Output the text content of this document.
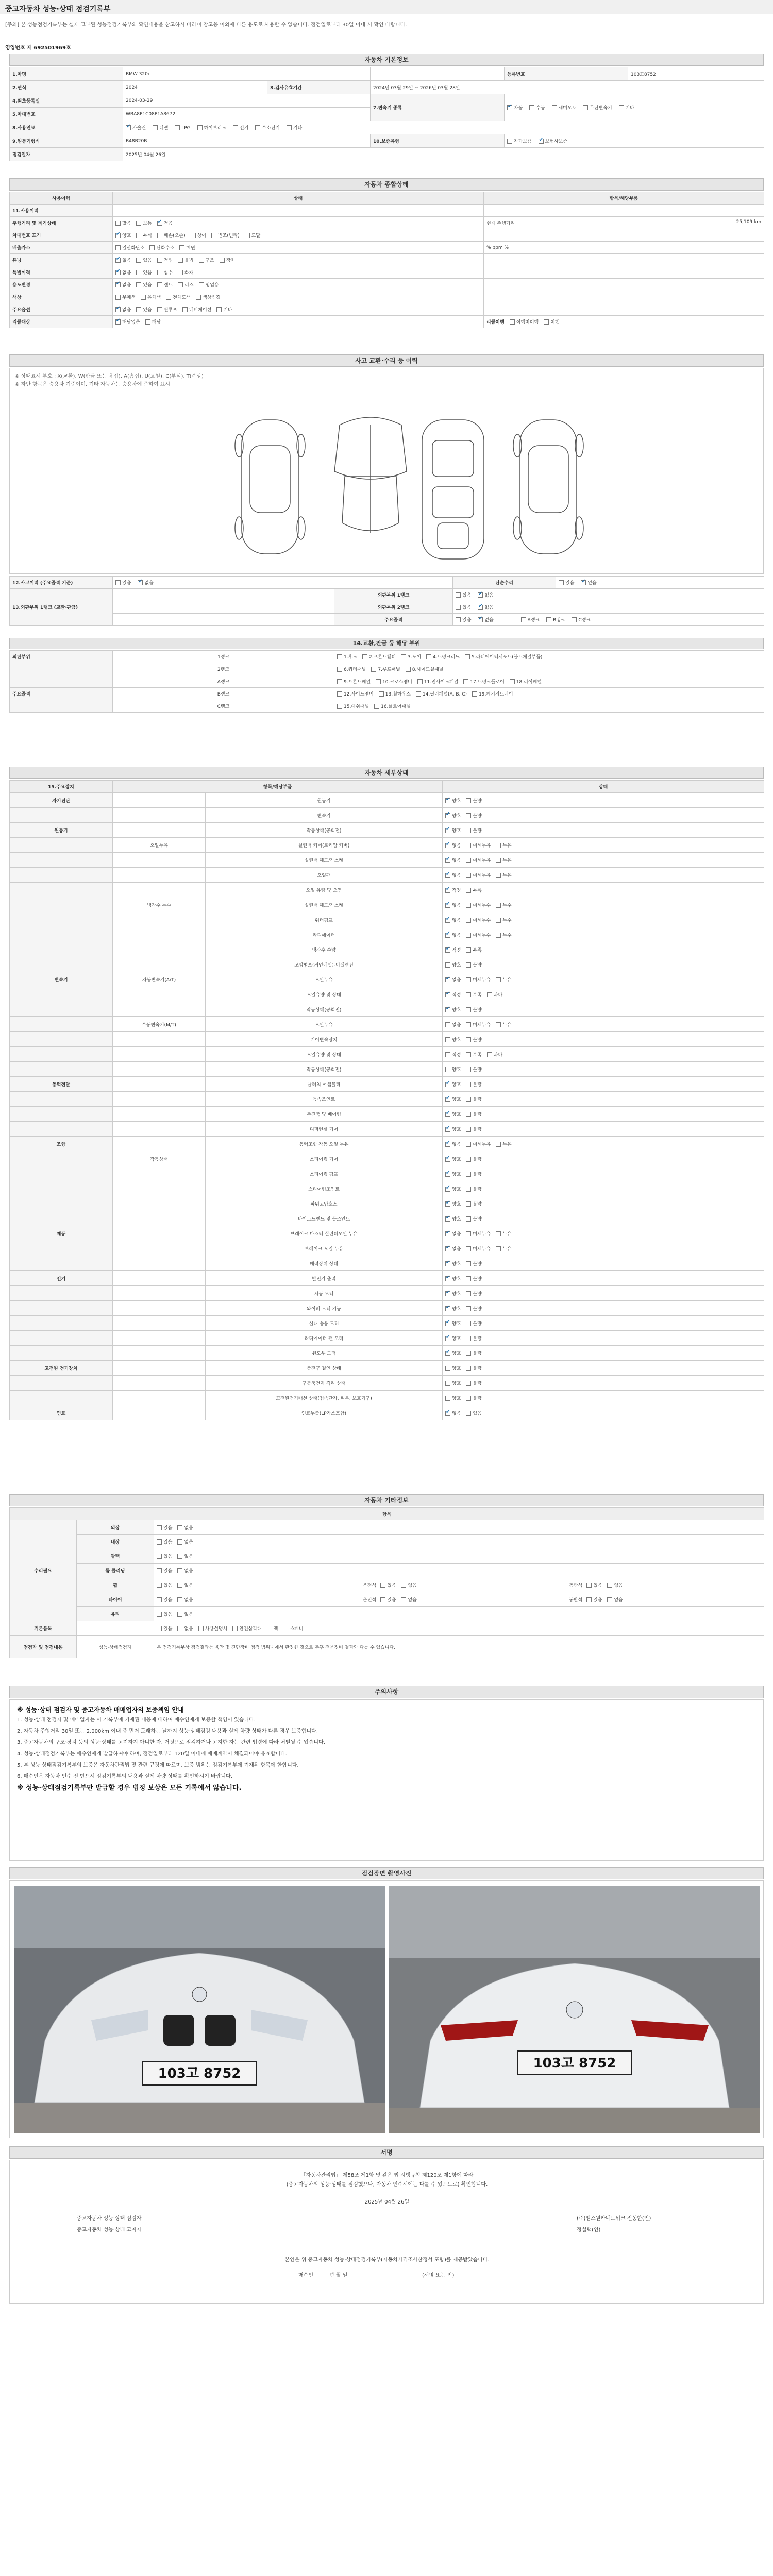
중고자동차 성능·상태 점검기록부
[주의] 본 성능점검기록부는 실제 교부된 성능점검기록부의 확인내용을 참고하시 바라며 참고용 이외에 다른 용도로 사용할 수 없습니다. 점검일로부터 30일 이내 시 확인 바랍니다.
영업번호 제 692501969호
자동차 기본정보
1.차명	BMW 320i			등록번호	103고8752
2.연식	2024	3.검사유효기간	2024년 03월 29일 ~ 2026년 03월 28일		
4.최초등록일	2024-03-29		7.변속기 종류	✔자동 수동 세미오토 무단변속기 기타
5.차대번호	WBA8P1C08P1A8672				
8.사용연료	✔가솔린 디젤 LPG 하이브리드 전기 수소전기 기타
9.원동기형식	B48B20B		10.보증유형	자가보증 ✔ 보험사보증
점검일자	2025년 04월 26일				
자동차 종합상태
사용이력	상태	항목/해당부품
11.사용이력		
주행거리 및 계기상태	많음 보통 ✔ 적음	현재 주행거리 25,109 km

차대번호 표기	✔양호 부식 훼손(오손) 상이 변조(변타) 도말	
배출가스	일산화탄소 탄화수소 매연	% ppm %
튜닝	✔없음 있음 적법 불법 구조 장치	
특별이력	✔없음 있음 침수 화재	
용도변경	✔없음 있음 렌트 리스 영업용	
색상	무채색 유채색 전체도색 색상변경	
주요옵션	✔없음 있음 썬루프 네비게이션 기타	
리콜대상	✔해당없음 해당	리콜이행 이행미이행 이행
사고 교환·수리 등 이력
※ 상태표시 부호 : X(교환), W(판금 또는 용접), A(흠집), U(요철), C(부식), T(손상)
※ 하단 항목은 승용차 기준이며, 기타 자동차는 승용차에 준하여 표시
12.사고이력 (주요골격 기준)	있음 ✔ 없음		단순수리	있음 ✔ 없음
13.외판부위 1랭크 (교환·판금)		외판부위 1랭크	있음 ✔ 없음
		외판부위 2랭크	있음 ✔ 없음
		주요골격	있음 ✔ 없음 A랭크 B랭크 C랭크
14.교환,판금 등 해당 부위
외판부위	1랭크	1.후드 2.프론트휀더 3.도어 4.트렁크리드 5.라디에이터서포트(볼트체결부품)
	2랭크	6.쿼터패널 7.루프패널 8.사이드실패널
	A랭크	9.프론트패널 10.크로스멤버 11.인사이드패널 17.트렁크플로어 18.리어패널
주요골격	B랭크	12.사이드멤버 13.휠하우스 14.필러패널(A, B, C) 19.패키지트레이
	C랭크	15.대쉬패널 16.플로어패널
자동차 세부상태
15.주요장치	항목/해당부품		상태
자기진단		원동기	✔양호 불량
		변속기	✔양호 불량
원동기		작동상태(공회전)	✔양호 불량
	오일누유	실린더 커버(로커암 커버)	✔없음 미세누유 누유
		실린더 헤드/가스켓	✔없음 미세누유 누유
		오일팬	✔없음 미세누유 누유
		오일 유량 및 오염	✔적정 부족
	냉각수 누수	실린더 헤드/가스켓	✔없음 미세누수 누수
		워터펌프	✔없음 미세누수 누수
		라디에이터	✔없음 미세누수 누수
		냉각수 수량	✔적정 부족
		고압펌프(커먼레일)-디젤엔진	양호 불량
변속기	자동변속기(A/T)	오일누유	✔없음 미세누유 누유
		오일유량 및 상태	✔적정 부족 과다
		작동상태(공회전)	✔양호 불량
	수동변속기(M/T)	오일누유	없음 미세누유 누유
		기어변속장치	양호 불량
		오일유량 및 상태	적정 부족 과다
		작동상태(공회전)	양호 불량
동력전달		클러치 어셈블리	✔양호 불량
		등속조인트	✔양호 불량
		추진축 및 베어링	✔양호 불량
		디퍼런셜 기어	✔양호 불량
조향		동력조향 작동 오일 누유	✔없음 미세누유 누유
	작동상태	스티어링 기어	✔양호 불량
		스티어링 펌프	✔양호 불량
		스티어링조인트	✔양호 불량
		파워고압호스	✔양호 불량
		타이로드엔드 및 볼조인트	✔양호 불량
제동		브레이크 마스터 실린더오일 누유	✔없음 미세누유 누유
		브레이크 오일 누유	✔없음 미세누유 누유
		배력장치 상태	✔양호 불량
전기		발전기 출력	✔양호 불량
		시동 모터	✔양호 불량
		와이퍼 모터 기능	✔양호 불량
		실내 송풍 모터	✔양호 불량
		라디에이터 팬 모터	✔양호 불량
		윈도우 모터	✔양호 불량
고전원 전기장치		충전구 절연 상태	양호 불량
		구동축전지 격리 상태	양호 불량
		고전원전기배선 상태(접속단자, 피복, 보호기구)	양호 불량
연료		연료누출(LP가스포함)	✔없음 있음
자동차 기타정보
항목				
수리필요	외장	있음 없음		
	내장	있음 없음		
	광택	있음 없음		
	룸 클리닝	있음 없음		
	휠	있음 없음	운전석 있음 없음	동반석 있음 없음
	타이어	있음 없음	운전석 있음 없음	동반석 있음 없음
	유리	있음 없음		
기본품목		있음 없음 사용설명서 안전삼각대 잭 스패너		
점검자 및 점검내용	성능·상태점검자	본 점검기록부상 점검결과는 육안 및 진단장비 점검 범위내에서 판정한 것으로 추후 전문정비 결과와 다를 수 있습니다.		
주의사항
※ 성능·상태 점검자 및 중고자동차 매매업자의 보증책임 안내
1. 성능·상태 점검자 및 매매업자는 이 기록부에 기재된 내용에 대하여 매수인에게 보증할 책임이 있습니다.
2. 자동차 주행거리 30일 또는 2,000km 이내 중 먼저 도래하는 날까지 성능·상태점검 내용과 실제 차량 상태가 다른 경우 보증합니다.
3. 중고자동차의 구조·장치 등의 성능·상태를 고지하지 아니한 자, 거짓으로 점검하거나 고지한 자는 관련 법령에 따라 처벌될 수 있습니다.
4. 성능·상태점검기록부는 매수인에게 발급하여야 하며, 점검일로부터 120일 이내에 매매계약이 체결되어야 유효합니다.
5. 본 성능·상태점검기록부의 보증은 자동차관리법 및 관련 규정에 따르며, 보증 범위는 점검기록부에 기재된 항목에 한합니다.
6. 매수인은 자동차 인수 전 반드시 점검기록부의 내용과 실제 차량 상태를 확인하시기 바랍니다.
※ 성능·상태점검기록부만 발급할 경우 법정 보상은 모든 기록에서 않습니다.
점검장면 촬영사진
103고 8752
103고 8752
서명

「자동차관리법」 제58조 제1항 및 같은 법 시행규칙 제120조 제1항에 따라

(중고자동차의 성능·상태를 점검했으나, 자동차 인수시에는 다를 수 있으므로) 확인합니다.

2025년 04월 26일

중고자동차 성능·상태 점검자	(주)엠스원카네트워크 전동한(인)

중고자동차 성능·상태 고지자	정설택(인)

본인은 위 중고자동차 성능·상태점검기록부(자동차가격조사산정서 포함)를 제공받았습니다.

매수인	년 월 일	(서명 또는 인)
